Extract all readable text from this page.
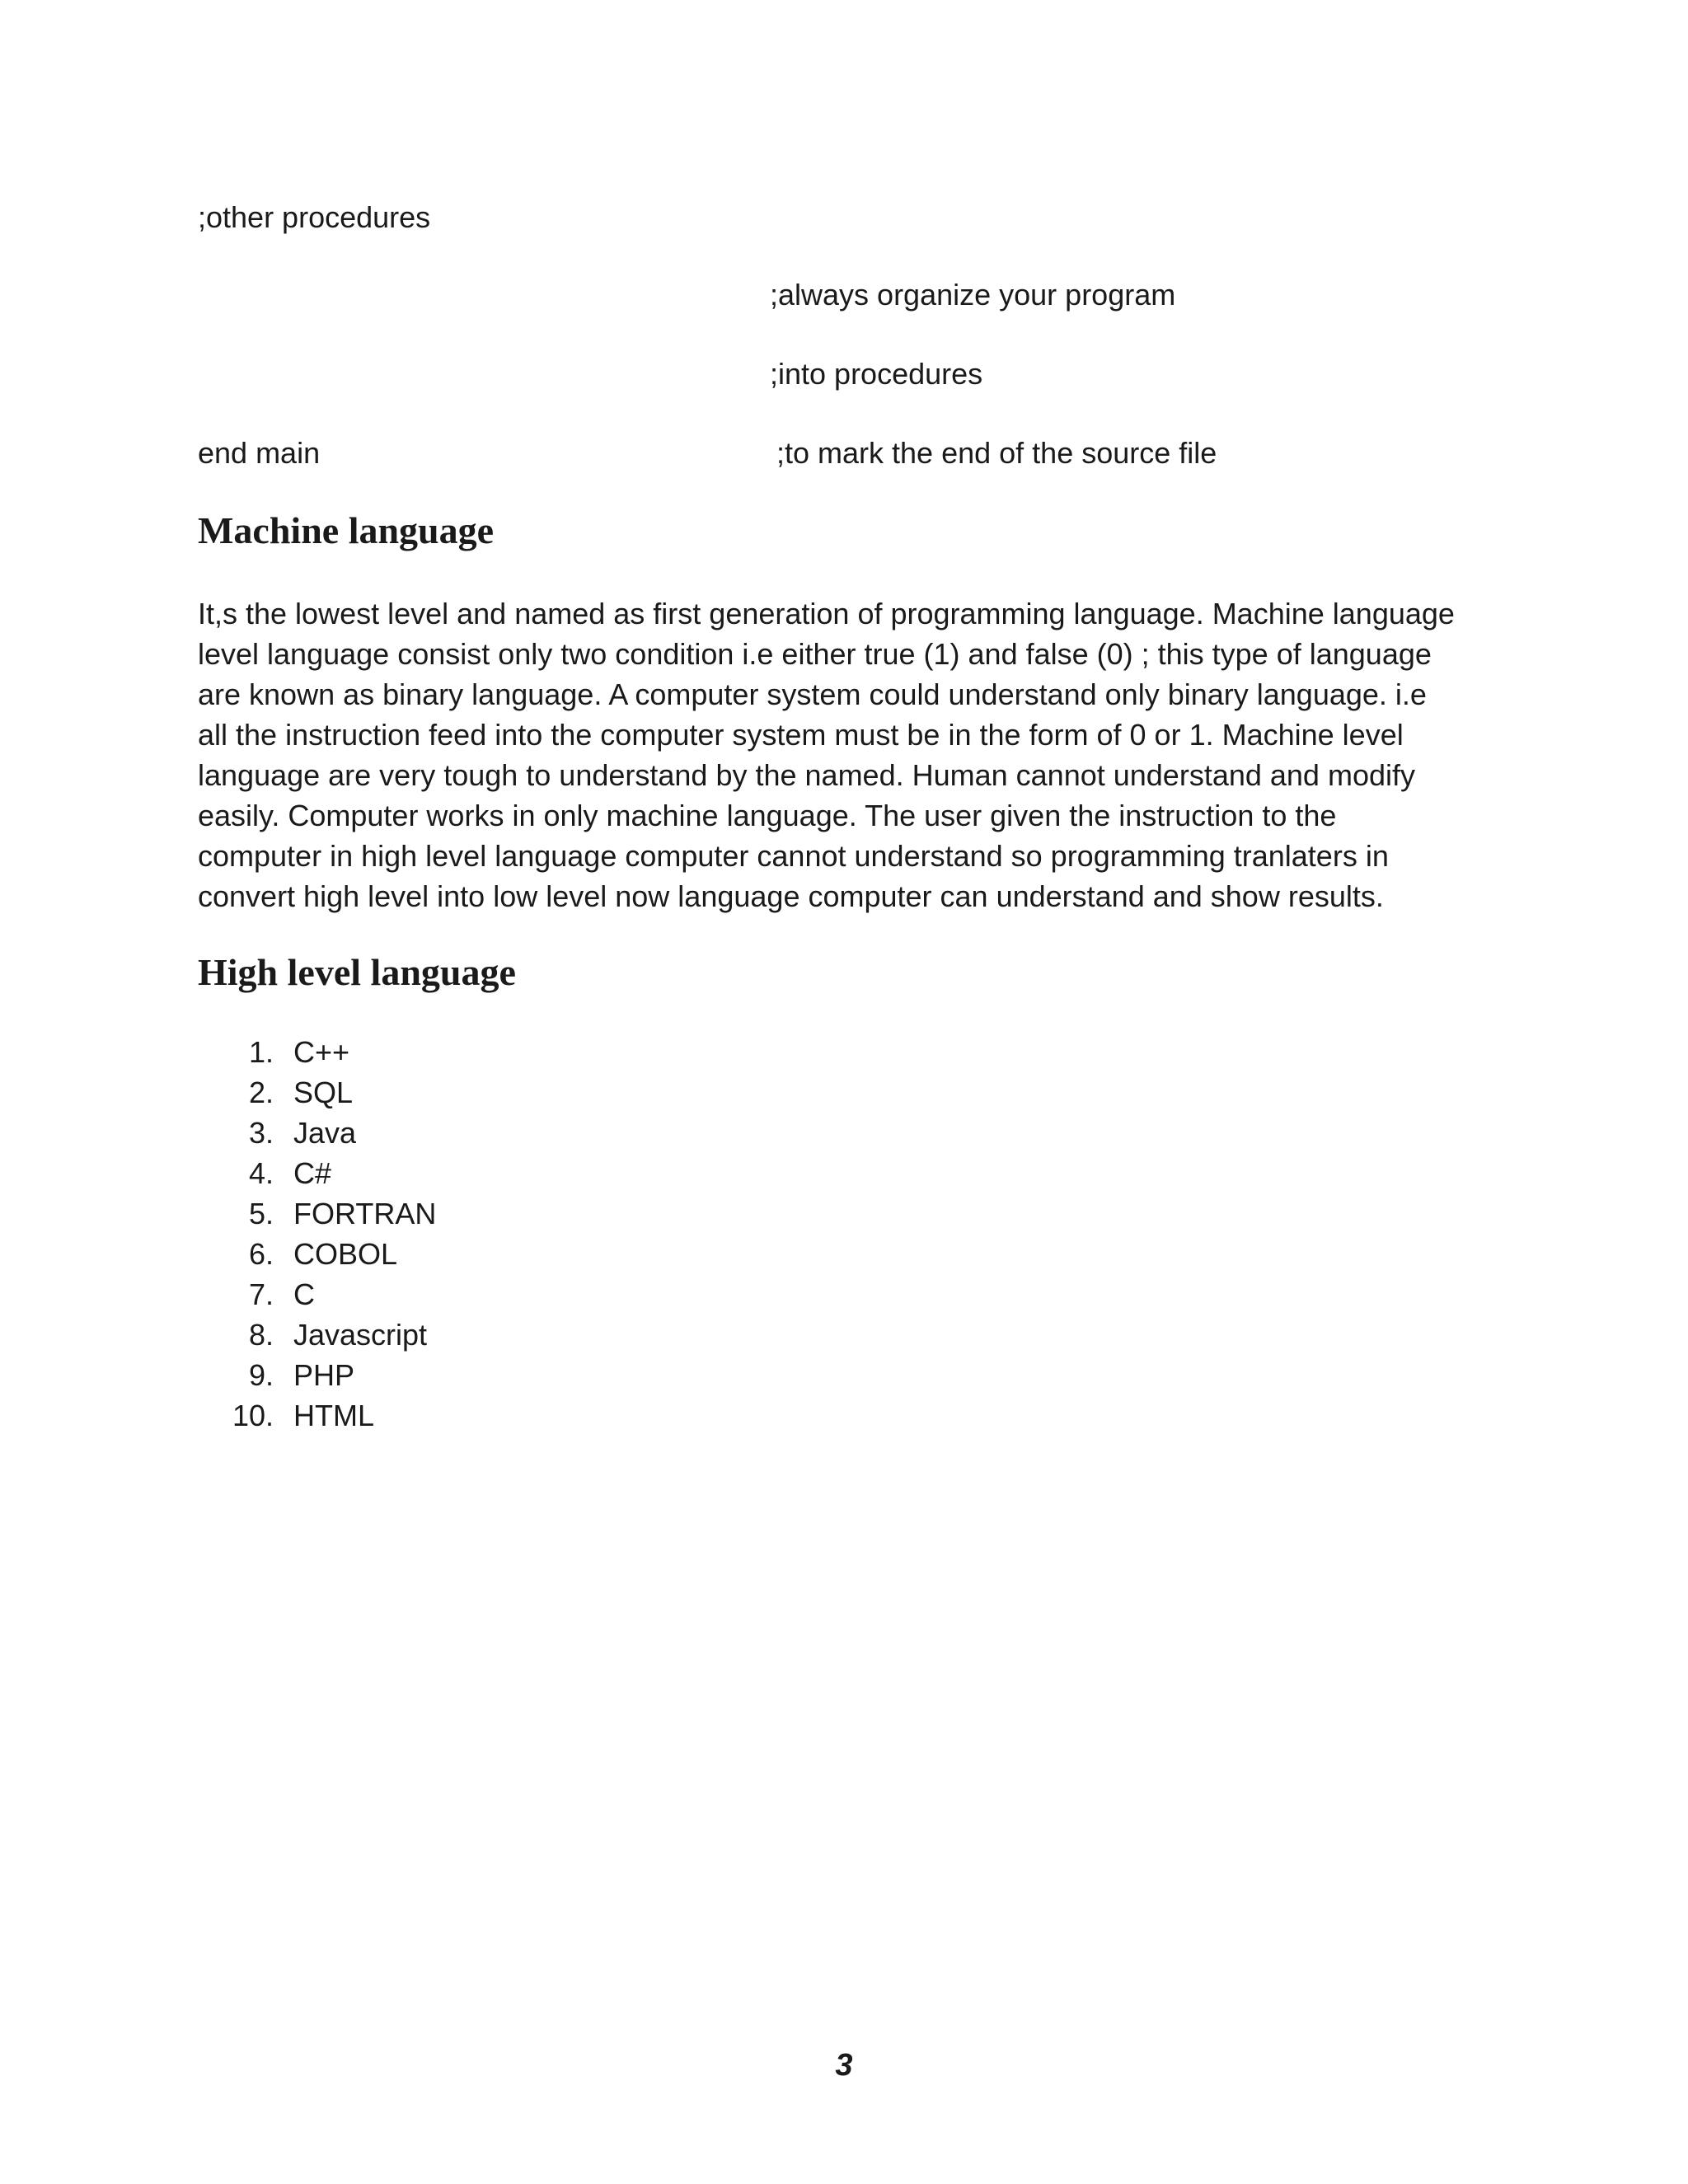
;other procedures
;always organize your program
;into procedures
end main	;to mark the end of the source file
Machine language
It,s the lowest level and named as first generation of programming language. Machine language
level language consist only two condition i.e either true (1) and false (0) ; this type of language
are known as binary language. A computer system could understand only binary language. i.e
all the instruction feed into the computer system must be in the form of 0 or 1. Machine level
language are very tough to understand by the named. Human cannot understand and modify
easily. Computer works in only machine language. The user given the instruction to the
computer in high level language computer cannot understand so programming tranlaters in
convert high level into low level now language computer can understand and show results.
High level language
1. C++
2. SQL
3. Java
4. C#
5. FORTRAN
6. COBOL
7. C
8. Javascript
9. PHP
10. HTML
3
